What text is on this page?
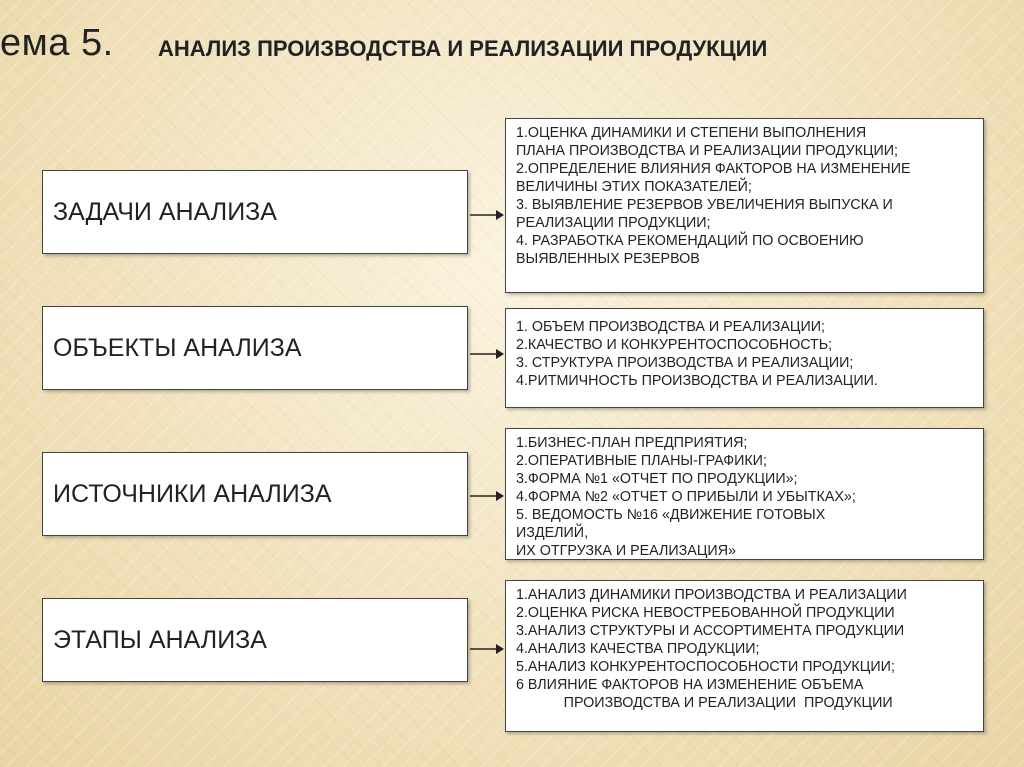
ема 5. АНАЛИЗ ПРОИЗВОДСТВА И РЕАЛИЗАЦИИ ПРОДУКЦИИ
ЗАДАЧИ АНАЛИЗА
1.ОЦЕНКА ДИНАМИКИ И СТЕПЕНИ ВЫПОЛНЕНИЯ
ПЛАНА ПРОИЗВОДСТВА И РЕАЛИЗАЦИИ ПРОДУКЦИИ;
2.ОПРЕДЕЛЕНИЕ ВЛИЯНИЯ ФАКТОРОВ НА ИЗМЕНЕНИЕ
ВЕЛИЧИНЫ ЭТИХ ПОКАЗАТЕЛЕЙ;
3. ВЫЯВЛЕНИЕ РЕЗЕРВОВ УВЕЛИЧЕНИЯ ВЫПУСКА И
РЕАЛИЗАЦИИ ПРОДУКЦИИ;
4. РАЗРАБОТКА РЕКОМЕНДАЦИЙ ПО ОСВОЕНИЮ
ВЫЯВЛЕННЫХ РЕЗЕРВОВ
ОБЪЕКТЫ АНАЛИЗА
1. ОБЪЕМ ПРОИЗВОДСТВА И РЕАЛИЗАЦИИ;
2.КАЧЕСТВО И КОНКУРЕНТОСПОСОБНОСТЬ;
3. СТРУКТУРА ПРОИЗВОДСТВА И РЕАЛИЗАЦИИ;
4.РИТМИЧНОСТЬ ПРОИЗВОДСТВА И РЕАЛИЗАЦИИ.
ИСТОЧНИКИ АНАЛИЗА
1.БИЗНЕС-ПЛАН ПРЕДПРИЯТИЯ;
2.ОПЕРАТИВНЫЕ ПЛАНЫ-ГРАФИКИ;
3.ФОРМА №1 «ОТЧЕТ ПО ПРОДУКЦИИ»;
4.ФОРМА №2 «ОТЧЕТ О ПРИБЫЛИ И УБЫТКАХ»;
5. ВЕДОМОСТЬ №16 «ДВИЖЕНИЕ ГОТОВЫХ
ИЗДЕЛИЙ,
ИХ ОТГРУЗКА И РЕАЛИЗАЦИЯ»
ЭТАПЫ АНАЛИЗА
1.АНАЛИЗ ДИНАМИКИ ПРОИЗВОДСТВА И РЕАЛИЗАЦИИ
2.ОЦЕНКА РИСКА НЕВОСТРЕБОВАННОЙ ПРОДУКЦИИ
3.АНАЛИЗ СТРУКТУРЫ И АССОРТИМЕНТА ПРОДУКЦИИ
4.АНАЛИЗ КАЧЕСТВА ПРОДУКЦИИ;
5.АНАЛИЗ КОНКУРЕНТОСПОСОБНОСТИ ПРОДУКЦИИ;
6 ВЛИЯНИЕ ФАКТОРОВ НА ИЗМЕНЕНИЕ ОБЪЕМА
ПРОИЗВОДСТВА И РЕАЛИЗАЦИИ  ПРОДУКЦИИ
